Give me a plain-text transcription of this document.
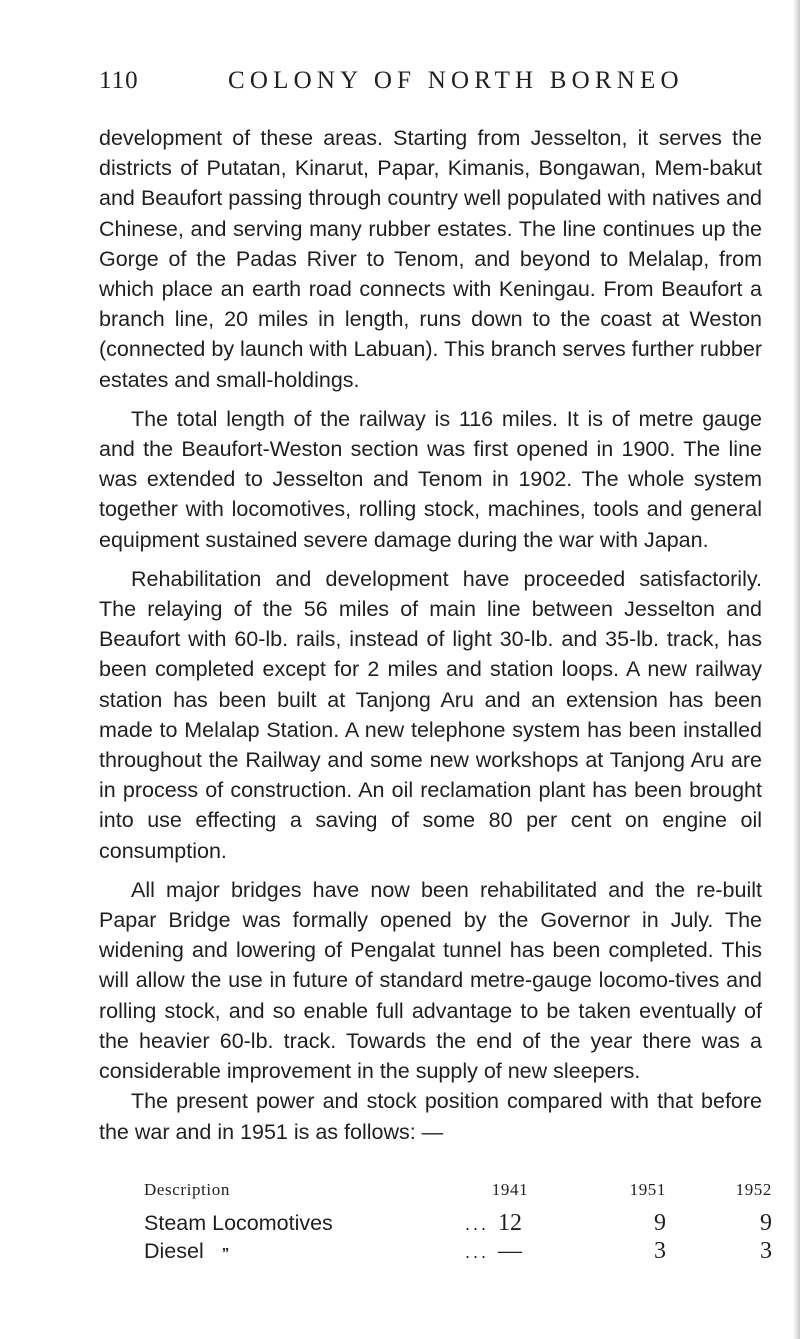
110	COLONY OF NORTH BORNEO

development of these areas. Starting from Jesselton, it serves the districts of Putatan, Kinarut, Papar, Kimanis, Bongawan, Mem-bakut and Beaufort passing through country well populated with natives and Chinese, and serving many rubber estates. The line continues up the Gorge of the Padas River to Tenom, and beyond to Melalap, from which place an earth road connects with Keningau. From Beaufort a branch line, 20 miles in length, runs down to the coast at Weston (connected by launch with Labuan). This branch serves further rubber estates and small-holdings.

The total length of the railway is 116 miles. It is of metre gauge and the Beaufort-Weston section was first opened in 1900. The line was extended to Jesselton and Tenom in 1902. The whole system together with locomotives, rolling stock, machines, tools and general equipment sustained severe damage during the war with Japan.

Rehabilitation and development have proceeded satisfactorily. The relaying of the 56 miles of main line between Jesselton and Beaufort with 60-lb. rails, instead of light 30-lb. and 35-lb. track, has been completed except for 2 miles and station loops. A new railway station has been built at Tanjong Aru and an extension has been made to Melalap Station. A new telephone system has been installed throughout the Railway and some new workshops at Tanjong Aru are in process of construction. An oil reclamation plant has been brought into use effecting a saving of some 80 per cent on engine oil consumption.

All major bridges have now been rehabilitated and the re-built Papar Bridge was formally opened by the Governor in July. The widening and lowering of Pengalat tunnel has been completed. This will allow the use in future of standard metre-gauge locomo-tives and rolling stock, and so enable full advantage to be taken eventually of the heavier 60-lb. track. Towards the end of the year there was a considerable improvement in the supply of new sleepers.

The present power and stock position compared with that before the war and in 1951 is as follows: —

Description		1941	1951	1952
Steam Locomotives	...	12	9	9
Diesel ”	...	—	3	3
